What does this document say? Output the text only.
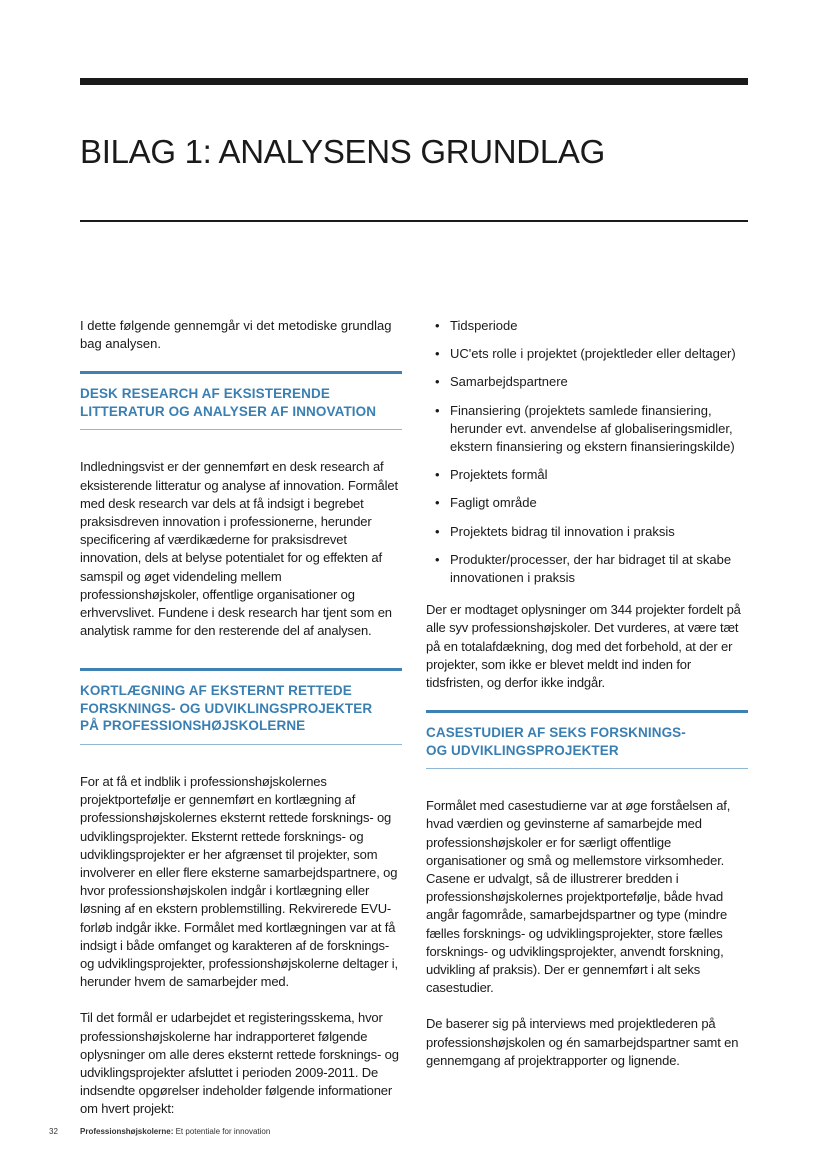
BILAG 1: ANALYSENS GRUNDLAG

I dette følgende gennemgår vi det metodiske grundlag bag analysen.

DESK RESEARCH AF EKSISTERENDE
LITTERATUR OG ANALYSER AF INNOVATION

Indledningsvist er der gennemført en desk research af eksisterende litteratur og analyse af innovation. Formålet med desk research var dels at få indsigt i begrebet praksisdreven innovation i professionerne, herunder specificering af værdikæderne for praksisdrevet innovation, dels at belyse potentialet for og effekten af samspil og øget videndeling mellem professionshøjskoler, offentlige organisationer og erhvervslivet. Fundene i desk research har tjent som en analytisk ramme for den resterende del af analysen.

KORTLÆGNING AF EKSTERNT RETTEDE
FORSKNINGS- OG UDVIKLINGSPROJEKTER
PÅ PROFESSIONSHØJSKOLERNE

For at få et indblik i professionshøjskolernes projektportefølje er gennemført en kortlægning af professionshøjskolernes eksternt rettede forsknings- og udviklingsprojekter. Eksternt rettede forsknings- og udviklingsprojekter er her afgrænset til projekter, som involverer en eller flere eksterne samarbejdspartnere, og hvor professionshøjskolen indgår i kortlægning eller løsning af en ekstern problemstilling. Rekvirerede EVU-forløb indgår ikke. Formålet med kortlægningen var at få indsigt i både omfanget og karakteren af de forsknings- og udviklingsprojekter, professionshøjskolerne deltager i, herunder hvem de samarbejder med.

Til det formål er udarbejdet et registeringsskema, hvor professionshøjskolerne har indrapporteret følgende oplysninger om alle deres eksternt rettede forsknings- og udviklingsprojekter afsluttet i perioden 2009-2011. De indsendte opgørelser indeholder følgende informationer om hvert projekt:

• Tidsperiode
• UC'ets rolle i projektet (projektleder eller deltager)
• Samarbejdspartnere
• Finansiering (projektets samlede finansiering, herunder evt. anvendelse af globaliseringsmidler, ekstern finansiering og ekstern finansieringskilde)
• Projektets formål
• Fagligt område
• Projektets bidrag til innovation i praksis
• Produkter/processer, der har bidraget til at skabe innovationen i praksis

Der er modtaget oplysninger om 344 projekter fordelt på alle syv professionshøjskoler. Det vurderes, at være tæt på en totalafdækning, dog med det forbehold, at der er projekter, som ikke er blevet meldt ind inden for tidsfristen, og derfor ikke indgår.

CASESTUDIER AF SEKS FORSKNINGS-
OG UDVIKLINGSPROJEKTER

Formålet med casestudierne var at øge forståelsen af, hvad værdien og gevinsterne af samarbejde med professionshøjskoler er for særligt offentlige organisationer og små og mellemstore virksomheder. Casene er udvalgt, så de illustrerer bredden i professionshøjskolernes projektportefølje, både hvad angår fagområde, samarbejdspartner og type (mindre fælles forsknings- og udviklingsprojekter, store fælles forsknings- og udviklingsprojekter, anvendt forskning, udvikling af praksis). Der er gennemført i alt seks casestudier.

De baserer sig på interviews med projektlederen på professionshøjskolen og én samarbejdspartner samt en gennemgang af projektrapporter og lignende.

32	Professionshøjskolerne: Et potentiale for innovation
